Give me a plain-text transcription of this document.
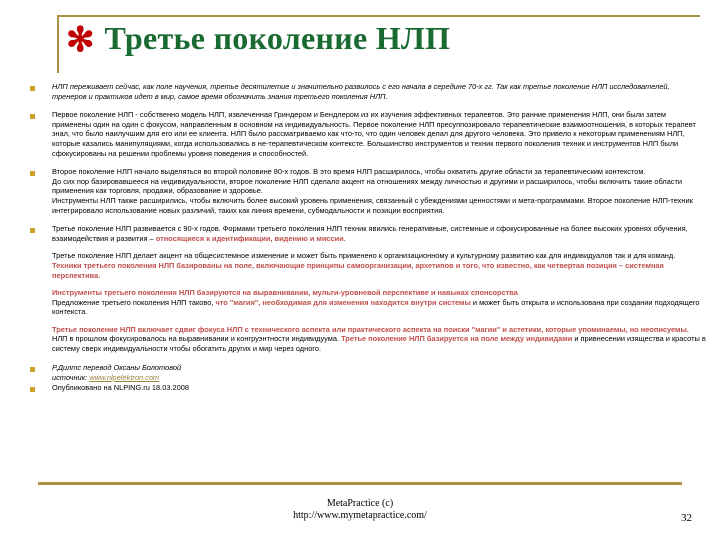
✻ Третье поколение НЛП

НЛП переживает сейчас, как поле научения, третье десятилетие и значительно развилось с его начала в середине 70-х гг. Так как третье поколение НЛП исследователей, тренеров и практиков идет в мир, самое время обозначить знания третьего поколения НЛП.

Первое поколение НЛП - собственно модель НЛП, извлеченная Гриндером и Бендлером из их изучения эффективных терапевтов. Это ранние применения НЛП, они были затем применены один на один с фокусом, направленным в основном на индивидуальность. Первое поколение НЛП пресуппозировало терапевтические взаимоотношения, в которых терапевт знал, что было наилучшим для его или ее клиента. НЛП было рассматриваемо как что-то, что один человек делал для другого человека. Это привело к некоторым применениям НЛП, которые казались манипуляциями, когда использовались в не-терапевтическом контексте. Большинство инструментов и техник первого поколения техник и инструментов НЛП были сфокусированы на решении проблемы уровня поведения и способностей.

Второе поколение НЛП начало выделяться во второй половине 80-х годов. В это время НЛП расширилось, чтобы охватить другие области за терапевтическим контекстом.

До сих пор базировавшееся на индивидуальности, второе поколение НЛП сделало акцент на отношениях между личностью и другими и расширилось, чтобы включить такие области применения как торговля, продажи, образование и здоровье.

Инструменты НЛП также расширились, чтобы включить более высокий уровень применения, связанный с убеждениями ценностями и мета-программами. Второе поколение НЛП-техник интегрировало использование новых различий, таких как линия времени, субмодальности и позиции восприятия.

Третье поколение НЛП развивается с 90-х годов. Формами третьего поколения НЛП техник явились генеративные, системные и сфокусированные на более высоких уровнях обучения, взаимодействия и развития – относящиеся к идентификации, видению и миссии.

Третье поколение НЛП делает акцент на общесистемное изменение и может быть применено к организационному и культурному развитию как для индивидуалов так и для команд. Техники третьего поколения НЛП базированы на поле, включающие принципы самоорганизации, архетипов и того, что известно, как четвертая позиция – системная перспектива.

Инструменты третьего поколения НЛП базируются на выравнивании, мульти-уровневой перспективе и навыках спонсорства

Предложение третьего поколения НЛП таково, что "магия", необходимая для изменения находится внутри системы и может быть открыта и использована при создании подходящего контекста.

Третье поколение НЛП включает сдвиг фокуса НЛП с технического аспекта или практического аспекта на поиски "магии" и астетики, которые упоминаемы, но неописуемы. НЛП в прошлом фокусировалось на выравнивании и конгруэнтности индивидуума. Третье поколение НЛП базируется на поле между индивидами и привнесении изящества и красоты в систему сверх индивидуальности чтобы обогатить других и мир через одного.

Р.Дилтс перевод Оксаны Болотовой
источник: www.nlpelektron.com
Опубликовано на NLPING.ru 18.03.2008
MetaPractice (c)
http://www.mymetapractice.com/	32
